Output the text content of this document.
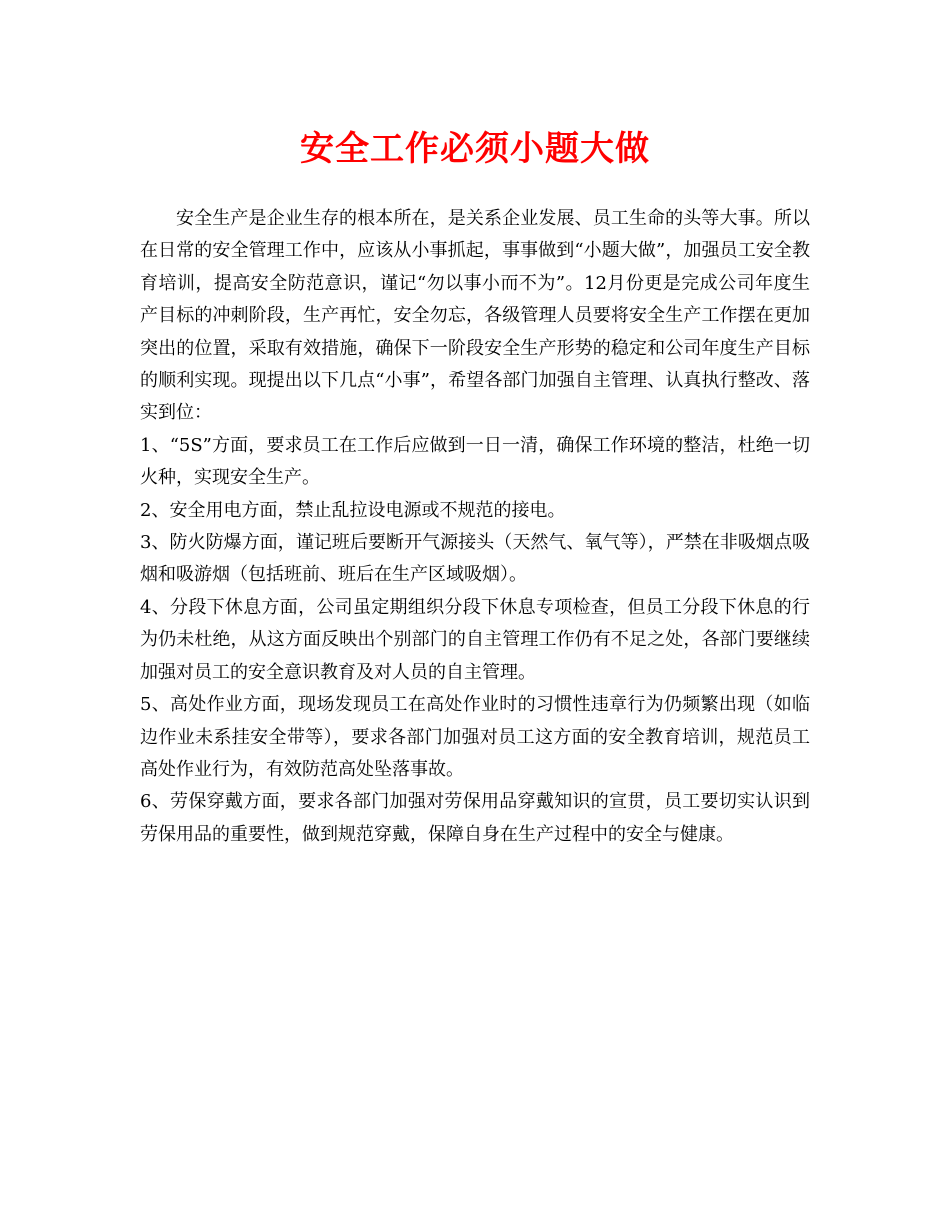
安全工作必须小题大做

安全生产是企业生存的根本所在，是关系企业发展、员工生命的头等大事。所以在日常的安全管理工作中，应该从小事抓起，事事做到“小题大做”，加强员工安全教育培训，提高安全防范意识，谨记“勿以事小而不为”。12月份更是完成公司年度生产目标的冲刺阶段，生产再忙，安全勿忘，各级管理人员要将安全生产工作摆在更加突出的位置，采取有效措施，确保下一阶段安全生产形势的稳定和公司年度生产目标的顺利实现。现提出以下几点“小事”，希望各部门加强自主管理、认真执行整改、落实到位：

1、“5S”方面，要求员工在工作后应做到一日一清，确保工作环境的整洁，杜绝一切火种，实现安全生产。

2、安全用电方面，禁止乱拉设电源或不规范的接电。

3、防火防爆方面，谨记班后要断开气源接头（天然气、氧气等），严禁在非吸烟点吸烟和吸游烟（包括班前、班后在生产区域吸烟）。

4、分段下休息方面，公司虽定期组织分段下休息专项检查，但员工分段下休息的行为仍未杜绝，从这方面反映出个别部门的自主管理工作仍有不足之处，各部门要继续加强对员工的安全意识教育及对人员的自主管理。

5、高处作业方面，现场发现员工在高处作业时的习惯性违章行为仍频繁出现（如临边作业未系挂安全带等），要求各部门加强对员工这方面的安全教育培训，规范员工高处作业行为，有效防范高处坠落事故。

6、劳保穿戴方面，要求各部门加强对劳保用品穿戴知识的宣贯，员工要切实认识到劳保用品的重要性，做到规范穿戴，保障自身在生产过程中的安全与健康。
